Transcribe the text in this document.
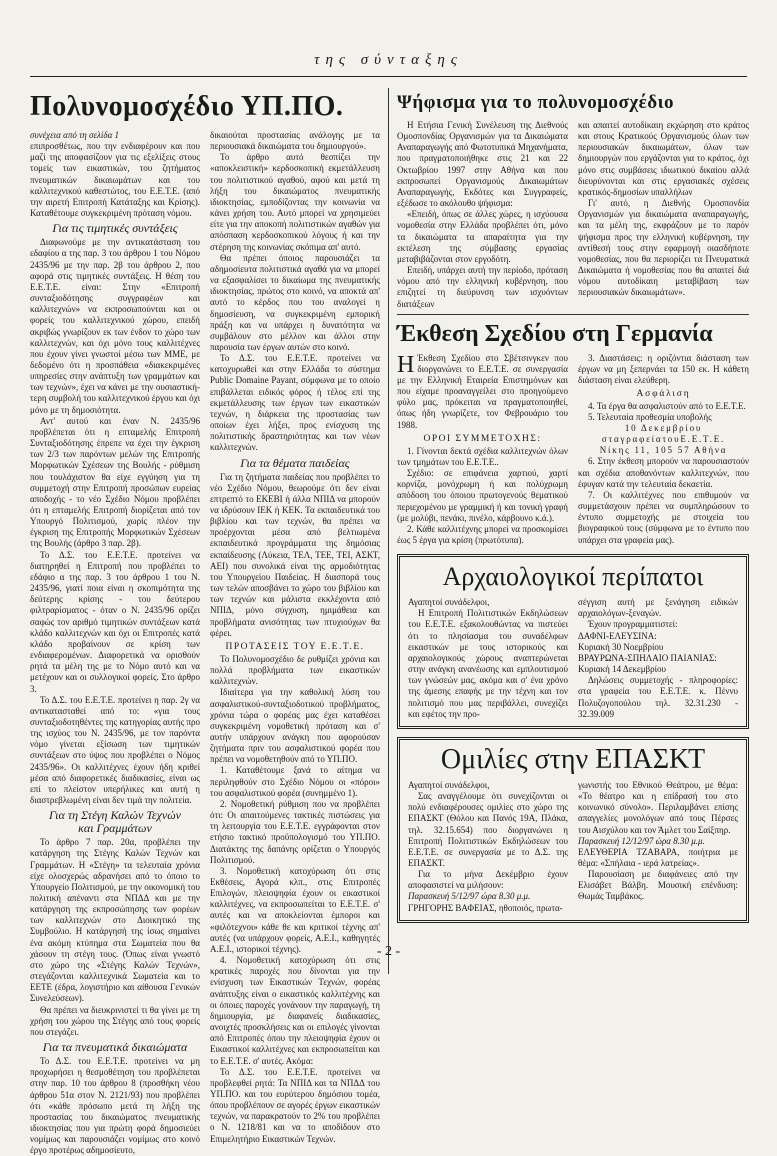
της σύνταξης
Πολυνομοσχέδιο ΥΠ.ΠΟ.

συνέχεια από τη σελίδα 1

επιπροσθέτως, που την ενδιαφέρουν και που μαζί της αποφασίζουν για τις εξελίξεις στους τομείς των εικαστικών, του ζητήματος πνευματικών δικαιωμάτων και του καλλιτεχνικού καθεστώτος, του Ε.Ε.Τ.Ε. (από την αιρετή Επιτροπή Κατάταξης και Κρίσης). Καταθέτουμε συγκεκριμένη πρόταση νόμου.

Για τις τιμητικές συντάξεις

Διαφωνούμε με την αντικατάσταση του εδαφίου α της παρ. 3 του άρθρου 1 του Νόμου 2435/96 με την παρ. 2β του άρθρου 2, που αφορά στις τιμητικές συντάξεις. Η θέση του Ε.Ε.Τ.Ε. είναι: Στην «Επιτροπή συνταξιοδότησης συγγραφέων και καλλιτεχνών» να εκπροσωπούνται και οι φορείς του καλλιτεχνικού χώρου, επειδή ακριβώς γνωρίζουν εκ των ένδον το χώρο των καλλιτεχνών, και όχι μόνο τους καλλιτέχνες που έχουν γίνει γνωστοί μέσω των ΜΜΕ, με δεδομένο ότι η προσπάθεια «διακεκριμένες υπηρεσίες στην ανάπτυξη των γραμμάτων και των τεχνών», έχει να κάνει με την ουσιαστική-τερη συμβολή του καλλιτεχνικού έργου και όχι μόνο με τη δημοσιότητα.

Αντ' αυτού και έναν Ν. 2435/96 προβλέπεται ότι η επταμελής Επιτροπή Συνταξιοδότησης έπρεπε να έχει την έγκριση των 2/3 των παρόντων μελών της Επιτροπής Μορφωτικών Σχέσεων της Βουλής - ρύθμιση που τουλάχιστον θα είχε εγγύηση για τη συμμετοχή στην Επιτροπή προσώπων ευρείας αποδοχής - το νέο Σχέδιο Νόμου προβλέπει ότι η επταμελής Επιτροπή διορίζεται από τον Υπουργό Πολιτισμού, χωρίς πλέον την έγκριση της Επιτροπής Μορφωτικών Σχέσεων της Βουλής (άρθρο 3 παρ. 2β).

Το Δ.Σ. του Ε.Ε.Τ.Ε. προτείνει να διατηρηθεί η Επιτροπή που προβλέπει το εδάφιο α της παρ. 3 του άρθρου 1 του Ν. 2435/96, γιατί ποια είναι η σκοπιμότητα της δεύτερης κρίσης - του δεύτερου φιλτραρίσματος - όταν ο Ν. 2435/96 ορίζει σαφώς τον αριθμό τιμητικών συντάξεων κατά κλάδο καλλιτεχνών και όχι οι Επιτροπές κατά κλάδο προβαίνουν σε κρίση των ενδιαφερομένων. Διαφορετικά να ορισθούν ρητά τα μέλη της με το Νόμο αυτό και να μετέχουν και οι συλλογικοί φορείς. Στο άρθρο 3.

Το Δ.Σ. του Ε.Ε.Τ.Ε. προτείνει η παρ. 2γ να αντικατασταθεί από το: «για τους συνταξιοδοτηθέντες της κατηγορίας αυτής προ της ισχύος του Ν. 2435/96, με τον παρόντα νόμο γίνεται εξίσωση των τιμητικών συντάξεων στο ύψος που προβλέπει ο Νόμος 2435/96». Οι καλλιτέχνες έχουν ήδη κριθεί μέσα από διαφορετικές διαδικασίες, είναι ως επί το πλείστον υπερήλικες και αυτή η διαστρεβλωμένη είναι δεν τιμά την πολιτεία.

Για τη Στέγη Καλών Τεχνών
και Γραμμάτων

Το άρθρο 7 παρ. 20α, προβλέπει την κατάργηση της Στέγης Καλών Τεχνών και Γραμμάτων. Η «Στέγη» τα τελευταία χρόνια είχε ολοσχερώς αδρανήσει από το όποιο το Υπουργείο Πολιτισμού, με την οικονομική του πολιτική απέναντι στα ΝΠΔΔ και με την κατάργηση της εκπροσώπησης των φορέων των καλλιτεχνών στο Διοικητικό της Συμβούλιο. Η κατάργησή της ίσως σημαίνει ένα ακόμη κτύπημα στα Σωματεία που θα χάσουν τη στέγη τους. (Όπως είναι γνωστό στο χώρο της «Στέγης Καλών Τεχνών», στεγάζονται καλλιτεχνικά Σωματεία και το ΕΕΤΕ (έδρα, λογιστήριο και αίθουσα Γενικών Συνελεύσεων).

Θα πρέπει να διευκρινιστεί τι θα γίνει με τη χρήση του χώρου της Στέγης από τους φορείς που στεγάζει.

Για τα πνευματικά δικαιώματα

Το Δ.Σ. του Ε.Ε.Τ.Ε. προτείνει να μη προχωρήσει η θεσμοθέτηση του προβλέπεται στην παρ. 10 του άρθρου 8 (προσθήκη νέου άρθρου 51α στον Ν. 2121/93) που προβλέπει ότι «κάθε πρόσωπο μετά τη λήξη της προστασίας του δικαιώματος πνευματικής ιδιοκτησίας που για πρώτη φορά δημοσιεύει νομίμως και παρουσιάζει νομίμως στο κοινό έργο προτέρως αδημοσίευτο,

δικαιούται προστασίας ανάλογης με τα περιουσιακά δικαιώματα του δημιουργού».

Το άρθρο αυτό θεσπίζει την «αποκλειστική» κερδοσκοπική εκμετάλλευση του πολιτιστικού αγαθού, αφού και μετά τη λήξη του δικαιώματος πνευματικής ιδιοκτησίας, εμποδίζοντας την κοινωνία να κάνει χρήση του. Αυτό μπορεί να χρησιμεύει είτε για την αποκοπή πολιτιστικών αγαθών για απόσπαση κερδοσκοπικού λόγους ή και την στέρηση της κοινωνίας σκόπιμα απ' αυτό.

Θα πρέπει όποιος παρουσιάζει τα αδημοσίευτα πολιτιστικά αγαθά για να μπορεί να εξασφαλίσει το δικαίωμα της πνευματικής ιδιοκτησίας, πρώτος στο κοινό, να αποκτά απ' αυτό το κέρδος που του αναλογεί η δημοσίευση, να συγκεκριμένη εμπορική πράξη και να υπάρχει η δυνατότητα να συμβάλουν στο μέλλον και άλλοι στην παρουσία των έργων αυτών στο κοινό.

Το Δ.Σ. του Ε.Ε.Τ.Ε. προτείνει να κατοχυρωθεί και στην Ελλάδα το σύστημα Public Domaine Payant, σύμφωνα με το οποίο επιβάλλεται ειδικός φόρος ή τέλος επί της εκμετάλλευσης των έργων των εικαστικών τεχνών, η διάρκεια της προστασίας των οποίων έχει λήξει, προς ενίσχυση της πολιτιστικής δραστηριότητας και των νέων καλλιτεχνών.

Για τα θέματα παιδείας

Για τη ζητήματα παιδείας που προβλέπει το νέο Σχέδιο Νόμου, θεωρούμε ότι δεν είναι επτρεπτό το ΕΚΕΒΙ ή άλλα ΝΠΙΔ να μπορούν να ιδρύσουν ΙΕΚ ή ΚΕΚ. Τα εκπαιδευτικά του βιβλίου και των τεχνών, θα πρέπει να προέρχονται μέσα από βελτιωμένα εκπαιδευτικά προγράμματα της δημόσιας εκπαίδευσης (Λύκεια, ΤΕΛ, ΤΕΕ, ΤΕΙ, ΑΣΚΤ, ΑΕΙ) που συνολικά είναι της αρμοδιότητας του Υπουργείου Παιδείας. Η διασπορά τους των τελών αποσβάνει το χώρο του βιβλίου και των τεχνών και μάλιστα εκκλέχοντα από ΝΠΙΔ, μόνο σύγχυση, ημιμάθεια και προβλήματα ανισότητας των πτυχιούχων θα φέρει.

ΠΡΟΤΑΣΕΙΣ ΤΟΥ Ε.Ε.Τ.Ε.

Το Πολυνομοσχέδιο δε ρυθμίζει χρόνια και πολλά προβλήματα των εικαστικών καλλιτεχνών.

Ιδιαίτερα για την καθολική λύση του ασφαλιστικού-συνταξιοδοτικού προβλήματος, χρόνια τώρα ο φορέας μας έχει καταθέσει συγκεκριμένη νομοθετική πρόταση και σ' αυτήν υπάρχουν ανάγκη που αφορούσαν ζητήματα πριν του ασφαλιστικού φορέα που πρέπει να νομοθετηθούν από το ΥΠ.ΠΟ.

1. Καταθέτουμε ξανά το αίτημα να περιληφθούν στο Σχέδιο Νόμου οι «πόροι» του ασφαλιστικού φορέα (συνημμένο 1).

2. Νομοθετική ρύθμιση που να προβλέπει ότι: Οι απαιτούμενες τακτικές πιστώσεις για τη λειτουργία του Ε.Ε.Τ.Ε. εγγράφονται στον ετήσιο τακτικό προϋπολογισμό του ΥΠ.ΠΟ. Διατάκτης της δαπάνης ορίζεται ο Υπουργός Πολιτισμού.

3. Νομοθετική κατοχύρωση ότι στις Εκθέσεις, Αγορά κλπ., στις Επιτροπές Επιλογών, πλειοψηφία έχουν οι εικαστικοί καλλιτέχνες, να εκπροσωπείται το Ε.Ε.Τ.Ε. σ' αυτές και να αποκλείονται έμποροι και «φιλότεχνοι» κάθε θε και κριτικοί τέχνης απ' αυτές (να υπάρχουν φορείς, Α.Ε.Ι., καθηγητές Α.Ε.Ι., ιστορικοί τέχνης).

4. Νομοθετική κατοχύρωση ότι στις κρατικές παροχές που δίνονται για την ενίσχυση των Εικαστικών Τεχνών, φορέας ανάπτυξης είναι ο εικαστικός καλλιτέχνης και οι όποιες παροχές γονάνουν την παραγωγή, τη δημιουργία, με διαφανείς διαδικασίες, ανοιχτές προσκλήσεις και οι επιλογές γίνονται από Επιτροπές όπου την πλειοψηφία έχουν οι Εικαστικοί καλλιτέχνες και εκπροσωπείται και το Ε.Ε.Τ.Ε. σ' αυτές. Ακόμα:

Το Δ.Σ. του Ε.Ε.Τ.Ε. προτείνει να προβλεφθεί ρητά: Τα ΝΠΙΔ και τα ΝΠΔΔ του ΥΠ.ΠΟ. και του ευρύτερου δημόσιου τομέα, όπου προβλέπουν σε αγορές έργων εικαστικών τεχνών, να παρακρατούν το 2% του προβλέπει ο Ν. 1218/81 και να το αποδίδουν στο Επιμελητήριο Εικαστικών Τεχνών.

Ψήφισμα για το πολυνομοσχέδιο

Η Ετήσια Γενική Συνέλευση της Διεθνούς Ομοσπονδίας Οργανισμών για τα Δικαιώματα Αναπαραγωγής από Φωτοτυπικά Μηχανήματα, που πραγματοποιήθηκε στις 21 και 22 Οκτωβρίου 1997 στην Αθήνα και που εκπροσωπεί Οργανισμούς Δικαιωμάτων Αναπαραγωγής, Εκδότες και Συγγραφείς, εξέδωσε το ακόλουθο ψήφισμα:

«Επειδή, όπως σε άλλες χώρες, η ισχύουσα νομοθεσία στην Ελλάδα προβλέπει ότι, μόνο τα δικαιώματα τα απαραίτητα για την εκτέλεση της σύμβασης εργασίας μεταβιβάζονται στον εργοδότη.

Επειδή, υπάρχει αυτή την περίοδο, πρόταση νόμου από την ελληνική κυβέρνηση, που επιζητεί τη διεύρυνση των ισχυόντων διατάξεων

και απαιτεί αυτοδίκαιη εκχώρηση στο κράτος και στους Κρατικούς Οργανισμούς όλων των περιουσιακών δικαιωμάτων, όλων των δημιουργών που εργάζονται για το κράτος, όχι μόνο στις συμβάσεις ιδιωτικού δικαίου αλλά διευρύνονται και στις εργασιακές σχέσεις κρατικός-δημοσίων υπαλλήλων

Γι' αυτό, η Διεθνής Ομοσπονδία Οργανισμών για δικαιώματα αναπαραγωγής, και τα μέλη της, εκφράζουν με το παρόν ψήφισμα προς την ελληνική κυβέρνηση, την αντίθεσή τους στην εφαρμογή οιασδήποτε νομοθεσίας, που θα περιορίζει τα Πνευματικά Δικαιώματα ή νομοθεσίας που θα απαιτεί διά νόμου αυτοδίκαιη μεταβίβαση των περιουσιακών δικαιωμάτων».

Έκθεση Σχεδίου στη Γερμανία

Η Έκθεση Σχεδίου στο Σβέτσινγκεν που διοργανώνει το Ε.Ε.Τ.Ε. σε συνεργασία με την Ελληνική Εταιρεία Επιστημόνων και που είχαμε προαναγγείλει στο προηγούμενο φύλο μας, πρόκειται να πραγματοποιηθεί, όπως ήδη γνωρίζετε, τον Φεβρουάριο του 1988.

ΟΡΟΙ ΣΥΜΜΕΤΟΧΗΣ:

1. Γίνονται δεκτά σχέδια καλλιτεχνών όλων των τμημάτων του Ε.Ε.Τ.Ε..

Σχέδιο: σε επιφάνεια χαρτιού, χαρτί κορνίζα, μονόχρωμη ή και πολύχρωμη απόδοση του όποιου πρωτογενούς θεματικού περιεχομένου με γραμμική ή και τονική γραφή (με μολύβι, πενάκι, πινέλο, κάρβουνο κ.ά.).

2. Κάθε καλλιτέχνης μπορεί να προσκομίσει έως 5 έργα για κρίση (πρωτότυπα).

3. Διαστάσεις: η οριζόντια διάσταση των έργων να μη ξεπερνάει τα 150 εκ. Η κάθετη διάσταση είναι ελεύθερη.

Ασφάλιση

4. Τα έργα θα ασφαλιστούν από το Ε.Ε.Τ.Ε.

5. Τελευταία προθεσμία υποβολής

10 Δεκεμβρίου

σταγραφείατουΕ.Ε.Τ.Ε.

Νίκης 11, 105 57 Αθήνα

6. Στην έκθεση μπορούν να παρουσιαστούν και σχέδια αποθανόντων καλλιτεχνών, που έφυγαν κατά την τελευταία δεκαετία.

7. Οι καλλιτέχνες που επιθυμούν να συμμετάσχουν πρέπει να συμπληρώσουν το έντυπο συμμετοχής με στοιχεία του βιογραφικού τους (σύμφωνα με το έντυπο που υπάρχει στα γραφεία μας).

Αρχαιολογικοί περίπατοι

Αγαπητοί συνάδελφοι,

Η Επιτροπή Πολιτιστικών Εκδηλώσεων του Ε.Ε.Τ.Ε. εξακολουθώντας να πιστεύει ότι το πλησίασμα του συναδέλφων εικαστικών με τους ιστορικούς και αρχαιολογικούς χώρους αναπτερώνεται στην ανάγκη ανανέωσης και εμπλουτισμού των γνώσεών μας, ακόμα και σ' ένα χρόνο της άμεσης επαφής με την τέχνη και τον πολιτισμό που μας περιβάλλει, συνεχίζει και εφέτος την προ-

σέγγιση αυτή με ξενάγηση ειδικών αρχαιολόγων-ξεναγών.

Έχουν προγραμματιστεί:

ΔΑΦΝΙ-ΕΛΕΥΣΙΝΑ:

Κυριακή 30 Νοεμβρίου

ΒΡΑΥΡΩΝΑ-ΣΠΗΛΑΙΟ ΠΑΙΑΝΙΑΣ:

Κυριακή 14 Δεκεμβρίου

Δηλώσεις συμμετοχής - πληροφορίες: στα γραφεία του Ε.Ε.Τ.Ε. κ. Πέννυ Πολυζογοπούλου τηλ. 32.31.230 - 32.39.009

Ομιλίες στην ΕΠΑΣΚΤ

Αγαπητοί συνάδελφοι,

Σας αναγγέλουμε ότι συνεχίζονται οι πολύ ενδιαφέρουσες ομιλίες στο χώρο της ΕΠΑΣΚΤ (Θόλου και Πανός 19Α, Πλάκα, τηλ. 32.15.654) που διοργανώνει η Επιτροπή Πολιτιστικών Εκδηλώσεων του Ε.Ε.Τ.Ε. σε συνεργασία με το Δ.Σ. της ΕΠΑΣΚΤ.

Για το μήνα Δεκέμβριο έχουν αποφασιστεί να μιλήσουν:

Παρασκευή 5/12/97 ώρα 8.30 μ.μ.

ΓΡΗΓΟΡΗΣ ΒΑΦΕΙΑΣ, ηθοποιός, πρωτα-

γωνιστής του Εθνικού Θεάτρου, με θέμα: «Το θέατρο και η επίδρασή του στο κοινωνικό σύνολο». Περιλαμβάνει επίσης απαγγελίες μονολόγων από τους Πέρσες του Αισχύλου και τον Άμλετ του Σαίξπηρ.

Παρασκευή 12/12/97 ώρα 8.30 μ.μ.

ΕΛΕΥΘΕΡΙΑ ΤΖΑΒΑΡΑ, ποιήτρια με θέμα: «Σπήλαια - ιερά λατρείας».

Παρουσίαση με διαφάνειες από την Ελισάβετ Βάλβη. Μουσική επένδυση: Θωμάς Ταμβάκος.

- 2 -
